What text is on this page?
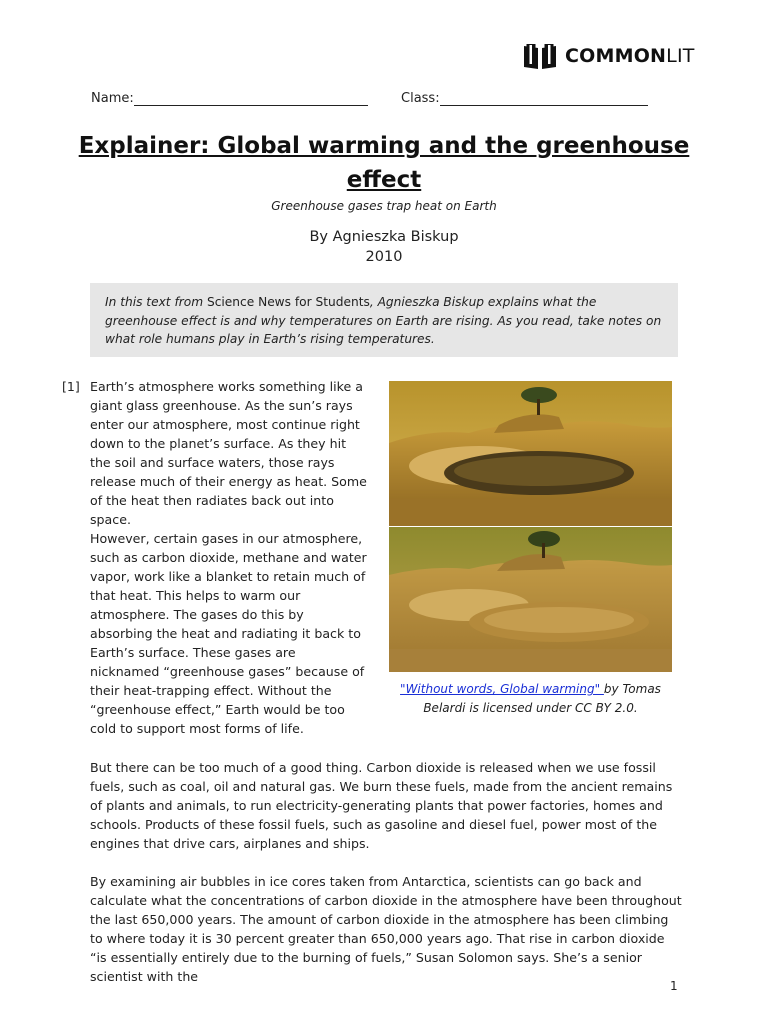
COMMONLIT
Name:	Class:
Explainer: Global warming and the greenhouse effect
Greenhouse gases trap heat on Earth
By Agnieszka Biskup
2010
In this text from Science News for Students, Agnieszka Biskup explains what the greenhouse effect is and why temperatures on Earth are rising. As you read, take notes on what role humans play in Earth’s rising temperatures.
[1] Earth’s atmosphere works something like a giant glass greenhouse. As the sun’s rays enter our atmosphere, most continue right down to the planet’s surface. As they hit the soil and surface waters, those rays release much of their energy as heat. Some of the heat then radiates back out into space.

However, certain gases in our atmosphere, such as carbon dioxide, methane and water vapor, work like a blanket to retain much of that heat. This helps to warm our atmosphere. The gases do this by absorbing the heat and radiating it back to Earth’s surface. These gases are nicknamed “greenhouse gases” because of their heat-trapping effect. Without the “greenhouse effect,” Earth would be too cold to support most forms of life.

"Without words, Global warming" by Tomas Belardi is licensed under CC BY 2.0.

But there can be too much of a good thing. Carbon dioxide is released when we use fossil fuels, such as coal, oil and natural gas. We burn these fuels, made from the ancient remains of plants and animals, to run electricity-generating plants that power factories, homes and schools. Products of these fossil fuels, such as gasoline and diesel fuel, power most of the engines that drive cars, airplanes and ships.

By examining air bubbles in ice cores taken from Antarctica, scientists can go back and calculate what the concentrations of carbon dioxide in the atmosphere have been throughout the last 650,000 years. The amount of carbon dioxide in the atmosphere has been climbing to where today it is 30 percent greater than 650,000 years ago. That rise in carbon dioxide “is essentially entirely due to the burning of fuels,” Susan Solomon says. She’s a senior scientist with the

1
